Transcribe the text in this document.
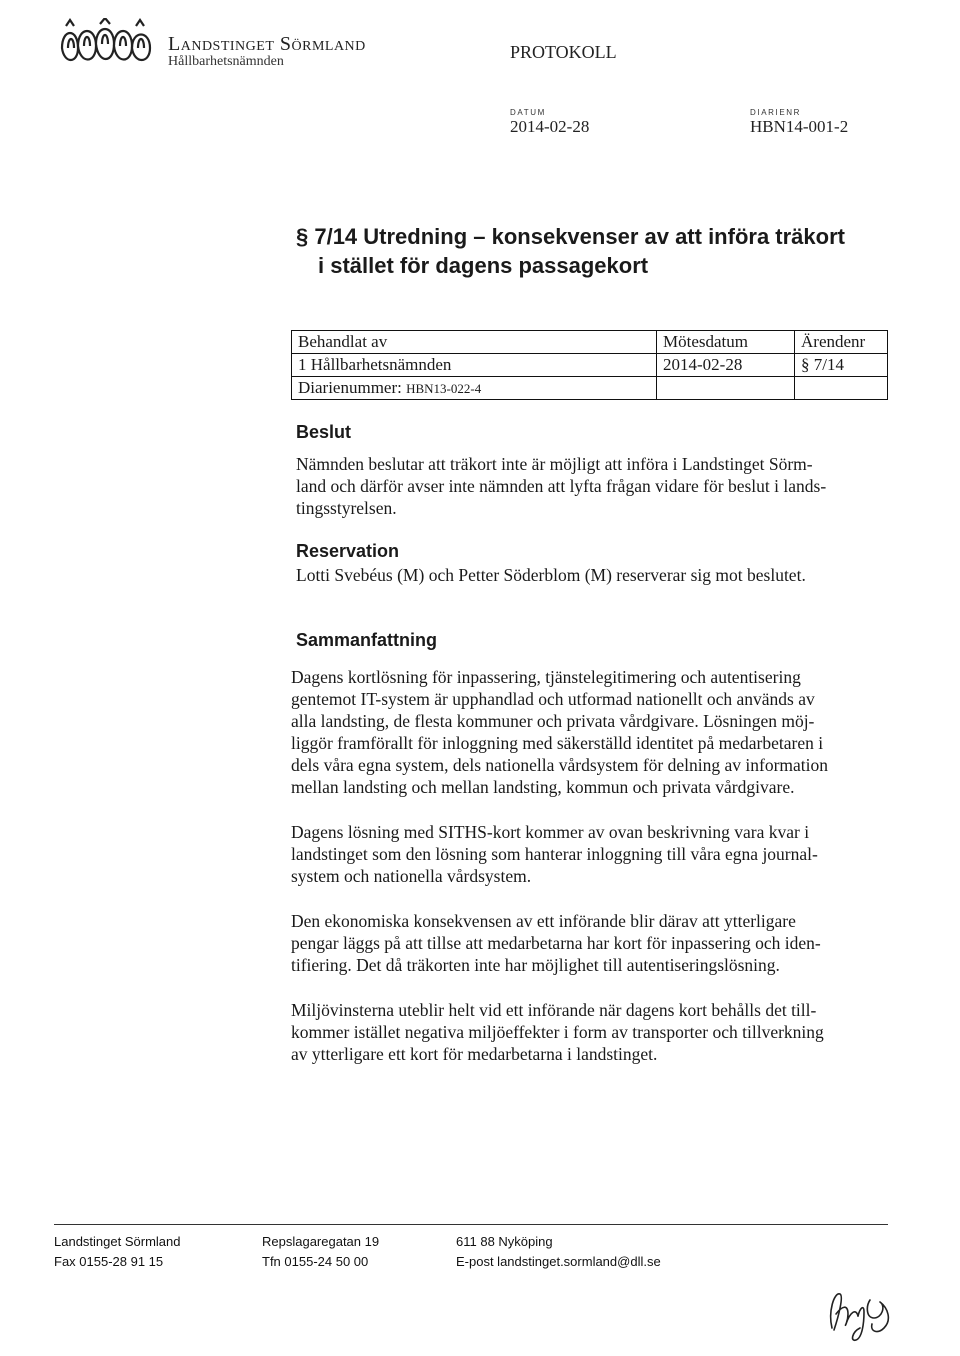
Landstinget Sörmland
Hållbarhetsnämnden	PROTOKOLL
DATUM
2014-02-28
DIARIENR
HBN14-001-2
§ 7/14 Utredning – konsekvenser av att införa träkort
i stället för dagens passagekort
Behandlat av	Mötesdatum	Ärendenr
1 Hållbarhetsnämnden	2014-02-28	§ 7/14
Diarienummer: HBN13-022-4		
Beslut
Nämnden beslutar att träkort inte är möjligt att införa i Landstinget Sörm-
land och därför avser inte nämnden att lyfta frågan vidare för beslut i lands-
tingsstyrelsen.
Reservation
Lotti Svebéus (M) och Petter Söderblom (M) reserverar sig mot beslutet.
Sammanfattning
Dagens kortlösning för inpassering, tjänstelegitimering och autentisering
gentemot IT-system är upphandlad och utformad nationellt och används av
alla landsting, de flesta kommuner och privata vårdgivare. Lösningen möj-
liggör framförallt för inloggning med säkerställd identitet på medarbetaren i
dels våra egna system, dels nationella vårdsystem för delning av information
mellan landsting och mellan landsting, kommun och privata vårdgivare.
Dagens lösning med SITHS-kort kommer av ovan beskrivning vara kvar i
landstinget som den lösning som hanterar inloggning till våra egna journal-
system och nationella vårdsystem.
Den ekonomiska konsekvensen av ett införande blir därav att ytterligare
pengar läggs på att tillse att medarbetarna har kort för inpassering och iden-
tifiering. Det då träkorten inte har möjlighet till autentiseringslösning.
Miljövinsterna uteblir helt vid ett införande när dagens kort behålls det till-
kommer istället negativa miljöeffekter i form av transporter och tillverkning
av ytterligare ett kort för medarbetarna i landstinget.
Landstinget Sörmland
Fax 0155-28 91 15
Repslagaregatan 19
Tfn 0155-24 50 00
611 88 Nyköping
E-post landstinget.sormland@dll.se
